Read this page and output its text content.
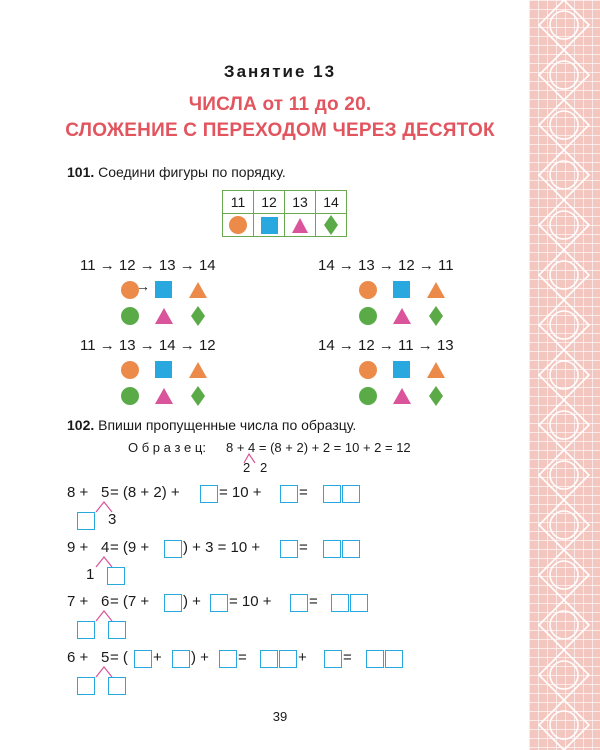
Занятие 13
ЧИСЛА от 11 до 20.
СЛОЖЕНИЕ С ПЕРЕХОДОМ ЧЕРЕЗ ДЕСЯТОК
101. Соедини фигуры по порядку.
11	12	13	14

11 → 12 → 13 → 14	14 → 13 → 12 → 11
11 → 13 → 14 → 12	14 → 12 → 11 → 13
→
102. Впиши пропущенные числа по образцу.
О б р а з е ц: 8 + 4 = (8 + 2) + 2 = 10 + 2 = 12
2 2
8 + 5 = (8 + 2) +	= 10 + =
3
9 + 4 = (9 + ) + 3 = 10 +	=
1
7 + 6 = (7 + ) + = 10 + =
6 + 5 = ( + ) + =	+ =
39
